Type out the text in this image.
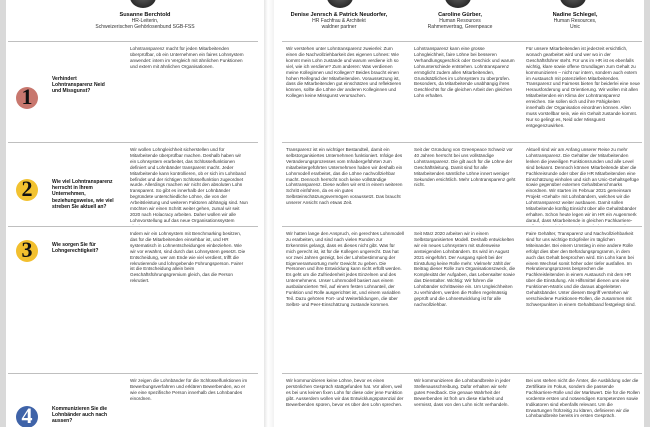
Susanne Berchtold
HR-Leiterin,
Schweizerischen Gehörlosenbund SGB-FSS
Denise Jenrsch & Patrick Neudorfer,
HR Fachfrau & Architekt
waldner partner
Caroline Gürber,
Human Resources
Rahmenvertrag, Greenpeace
Nadine Schlegel,
Human Resources,
Unic
1
Verhindert Lohntransparenz Neid und Missgunst?
Lohntransparenz macht für jeden Mitarbeitenden überprüfbar, ob ein Unternehmen ein faires Lohnsystem anwendet: intern im Vergleich mit ähnlichen Funktionen und extern mit ähnlichen Organisationen.
Wir verstehen unter Lohntransparenz zweierlei: Zum einen die Nachvollziehbarkeit des eigenen Lohnes: Wie kommt mein Lohn zustande und warum verdiene ich so viel, wie ich verdiene? Zum anderen: Was verdienen meine Kolleginnen und Kollegen? Beides braucht einen hohen Reifegrad der Mitarbeitenden. Voraussetzung ist, dass die Mitarbeitenden gut einschätzen und reflektieren können, sollte die Löhne der anderen Kolleginnen und Kollegen keine Missgunst verursachen.
Lohntransparenz kann eine grosse Lohngleichheit, faire Löhne bei besseren Verhandlungsgeschick oder Geschick und warum Lohnunterschiede entstehen. Lohntransparenz ermöglicht zudem allen Mitarbeitenden, Grundsätzliches im Lohnsystem zu überprüfen. Besonders, da Mitarbeitende unabhängig ihres Geschlechts für die gleichen Arbeit den gleichen Lohn erhalten.
Für unsere Mitarbeitenden ist jederzeit ersichtlich, wonach gearbeitet wird und wer wo in der Geschäftsführer steht. Für uns im HR ist es ebenfalls wichtig, klare sowie offene Grundlagen zum Gehalt zu kommunizieren – nicht nur intern, sondern auch extern im Austausch mit potenziellen Mitarbeitenden. Transparenz und Fairness bieten für beiderlei eine neue Herausforderung und Orientierung. Wir wollen mit allen Mitarbeitenden ein Klima der Lohntransparenz erreichen. Sie sollen sich und ihre Fähigkeiten innerhalb der Organisation einordnen können. Allen muss vorstellbar sein, wie ein Gehalt zustande kommt. Nur so gelingt es, Neid oder Missgunst entgegenzuwirken.
2	Wie viel Lohntransparenz herrscht in Ihrem Unternehmen, beziehungsweise, wie viel streben Sie aktuell an?
Wir wollen Lohngleichheit sicherstellen und für Mitarbeitende überprüfbar machen. Deshalb haben wir ein Lohnsystem erarbeitet, das Schlüsselfunktionen definiert und Lohnbänder transparent macht. Jeder Mitarbeitende kann kontrollieren, ob er sich im Lohnband befindet und der richtigen Schlüsselfunktion zugeordnet wurde. Allerdings machen wir nicht den absoluten Lohn transparent. So gibt es innerhalb der Lohnbänder begründete unterschiedliche Löhne, die von der Arbeitsleistung und weiteren Faktoren abhängig sind. Nun möchten wir einen Schritt weiter gehen, zumal wir seit 2020 nach Holacracy arbeiten. Daher wollen wir alle Lohnvorstellung auf das neue Organisationssystem
Transparenz ist ein wichtiger Bestandteil, damit ein selbstorganisiertes Unternehmen funktioniert. Infolge des Veränderungsprozesses vom Inhabergeführten zum mitarbeitergeführten Unternehmen haben wir deshalb ein Lohnmodell erarbeitet, das die Löhne nachvollziehbar macht. Dennoch herrscht noch keine vollständige Lohntransparenz. Diese wollen wir erst in einem weiteren Schritt einführen, da es ein gutes Selbsteinschätzungsvermögen voraussetzt. Das braucht unserer Ansicht nach etwas Zeit.
Seit der Gründung von Greenpeace Schweiz vor 40 Jahren herrscht bei uns vollständige Lohntransparenz. Die gilt auch für die Löhne der Geschäftsleitung. Damit sind für alle Mitarbeitenden sämtliche Löhne innert weniger Sekunden ersichtlich. Mehr Lohntransparenz geht nicht.
Aktuell sind wir am Anfang unserer Reise zu mehr Lohntransparenz. Die Gehälter der Mitarbeitenden lenken die jeweiligen Funktionsrunden und alle Level sind bekannt. Dennoch können Mitarbeitende über die Fachkreisrunde oder über die HR Mitarbeitenden eine Einschätzung einholen und sich an Unic-Gehaltsgefüge sowie gegenüber externen Gehaltsbenchmarks einordnen. Wir starten im Februar 2021 gemeinsam Projekt «Gehalt» mit Lohnbändern, welches wir die Lohntransparenz weiter ausbauen. Damit sollen Mitarbeitende künftig Einsicht über alle Gehaltsbänder erhalten. Schon heute legen wir im HR ein Augenmerk darauf, dass Mitarbeitende in gleichen Fachkarriere-
3	Wie sorgen Sie für Lohngerechtigkeit?
Indem wir ein Lohnsystem mit Benchmarking besitzen, das für die Mitarbeitenden einsehbar ist, und HR systematisch in Lohnentscheidungen einbeziehen. Wie wir vor erwähnt, sind durch das Lohnsystem gesetzt. Die Entscheidung, wer am Ende wie viel verdient, trifft die rekrutierende und lohngebende Führungsperson. Fairer ist die Entscheidung allein beim Geschäftsführungsgremium gleich, das die Person rekrutiert.
Wir hatten lange den Anspruch, ein gerechtes Lohnmodell zu erarbeiten, und sind nach vielen Runden zur Erkenntnis gelangt, dass es dieses nicht gibt. Was für mich gerecht ist, ist für die Kollegen ungerecht. Das hat vor zwei Jahren gezeigt, bei der Lohnbestimmung der Eigenverantwortung mehr Gewicht zu geben. Die Personen und ihre Entwicklung kann nicht erfüllt werden. Es geht um die Zufriedenheit jedes Einzelnen und des Unternehmens. Unser Lohnmodell basiert aus einem ausbalancierten Teil, auf einem festen Lohnanteil, der Funktion und Rolle ausgerichtet ist, und einem variablen Teil. Dazu gehören Fort- und Weiterbildungen, die über Selbst- und Peer-Einschätzung zustande kommen.
Seit März 2020 arbeiten wir in einem Selbstorganisierten Modell. Deshalb entwickelten wir ein neues Lohnsystem mit stufenweise ansteigenden Lohnbändern. Es wird im August 2021 eingeführt. Der Ausgang spielt bei der Einstufung keine Rolle mehr. Vielmehr zählt der Beitrag dieser Rolle zum Organisationszweck, die Komplexität der Aufgaben, das Lebensalter sowie das Dienstalter. Wichtig: Wir führen die Lohnbänder schrittweise ein. Um Ungleichheiten zu verhindern, werden die Rollen regelmässig geprüft und die Lohnentwicklung ist für alle nachvollziehbar.
Faire Gehälter, Transparenz und Nachvollziehbarkeit sind für uns wichtige Eckpfeiler im täglichen Miteinander. Bei einem Umstieg in eine andere Rolle erfolgt dies über den Befürdungsprogramm, in dem auch das Gehalt besprochen wird. Ein Lohn kann bei einem Wechsel somit höher oder tiefer ausfallen. Im Rekrutierungsprozess besprechen die Fachkreisleitenden in einem Austausch mit dem HR über die Einstufung. Als Hilfsmittel dienen uns eine Funktionen-Matrix und die daraus abgeleiteten Gehaltsbänder. Unter diesem Begriff verstehen wir verschiedene Funktionen-Rollen, die zusammen mit Schwerpunkten in einem Gehaltsband festgelegt sind.
4	Kommunizieren Sie die Lohnbänder auch nach aussen?
Wir zeigen die Lohnbänder für die Schlüsselfunktionen im Bewerbungsverfahren und erklären Bewerbenden, wo er wie eine spezifische Person innerhalb des Lohnbandes einordnen.
Wir kommunizieren keine Löhne, bevor es einen persönlichen Gespräch stattgefunden hat. Vor allem, weil es bei uns keinen fixen Lohn für diese oder jene Funktion gibt. Ausserdem wollen wir das Entwicklungspotenzial der Bewerbenden spüren, bevor es über den Lohn sprechen.
Wir kommunizieren die Lohnbandbreite in jeder Stellenausschreibung. Dafür erhalten wir sehr gutes Feedback. Die genaue Wahrheit der Bewerbenden ist froh um diese Klarheit und vermisst, dass von den Lohn nicht verhandeln.
Bei uns stehen nicht die Ämter, die Ausbildung oder die Zertifikate im Fokus, sondern die passende Fachkarriere-Rolle und der Marktwert. Die für die Rollen vorderste ersten und notwendigen Kompetenzen sowie Indikatoren sind ebenfalls relevant. Um die Erwartungen frühzeitig zu klären, definieren wir die Lohnbandbreite bereits im ersten Gespräch.
